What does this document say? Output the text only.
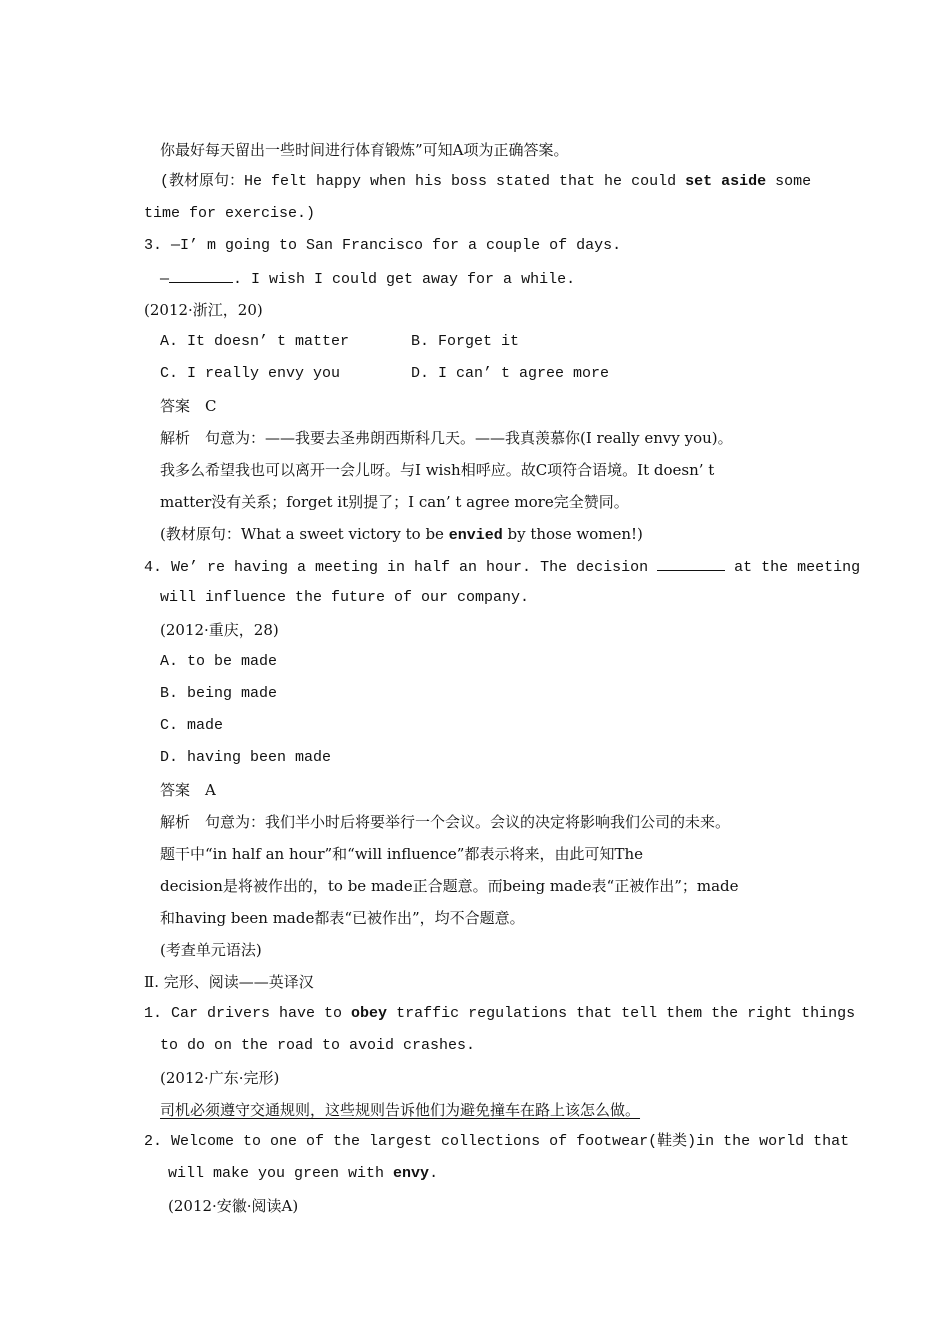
你最好每天留出一些时间进行体育锻炼”可知A项为正确答案。
(教材原句：He felt happy when his boss stated that he could set aside some
time for exercise.)
3. —I’ m going to San Francisco for a couple of days.
—	. I wish I could get away for a while.
(2012·浙江，20)
A. It doesn’ t matter	B. Forget it
C. I really envy you	D. I can’ t agree more
答案　C
解析　句意为：——我要去圣弗朗西斯科几天。——我真羡慕你(I really envy you)。
我多么希望我也可以离开一会儿呀。与I wish相呼应。故C项符合语境。It doesn’ t
matter没有关系；forget it别提了；I can’ t agree more完全赞同。
(教材原句：What a sweet victory to be envied by those women!)
4. We’ re having a meeting in half an hour. The decision	at the meeting
will influence the future of our company.
(2012·重庆，28)
A. to be made
B. being made
C. made
D. having been made
答案　A
解析　句意为：我们半小时后将要举行一个会议。会议的决定将影响我们公司的未来。
题干中“in half an hour”和“will influence”都表示将来，由此可知The
decision是将被作出的，to be made正合题意。而being made表“正被作出”；made
和having been made都表“已被作出”，均不合题意。
(考查单元语法)
Ⅱ. 完形、阅读——英译汉
1. Car drivers have to obey traffic regulations that tell them the right things
to do on the road to avoid crashes.
(2012·广东·完形)
司机必须遵守交通规则，这些规则告诉他们为避免撞车在路上该怎么做。
2. Welcome to one of the largest collections of footwear(鞋类)in the world that
will make you green with envy.
(2012·安徽·阅读A)
